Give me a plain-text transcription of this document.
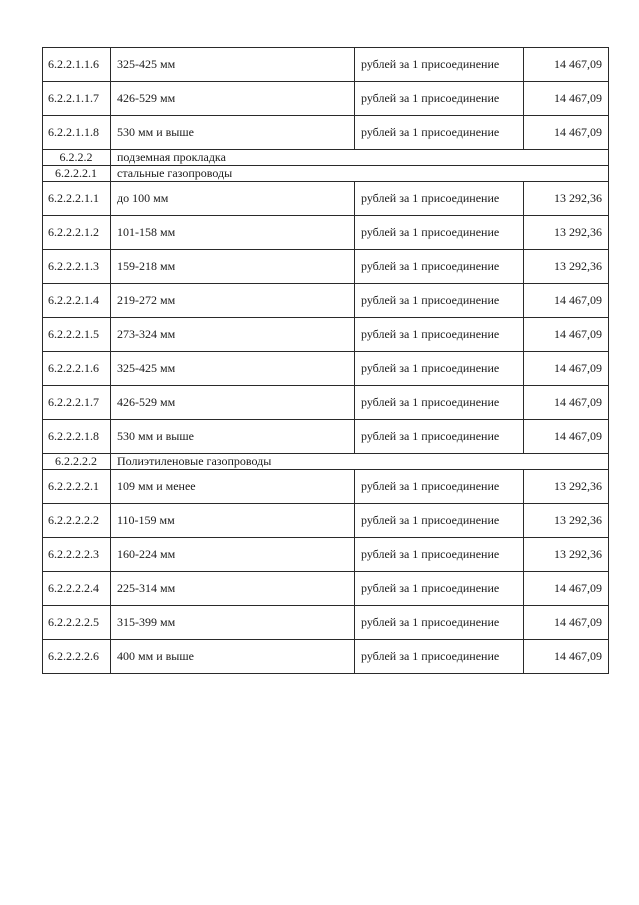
6.2.2.1.1.6	325-425 мм	рублей за 1 присоединение	14 467,09
6.2.2.1.1.7	426-529 мм	рублей за 1 присоединение	14 467,09
6.2.2.1.1.8	530 мм и выше	рублей за 1 присоединение	14 467,09
6.2.2.2	подземная прокладка		
6.2.2.2.1	стальные газопроводы		
6.2.2.2.1.1	до 100 мм	рублей за 1 присоединение	13 292,36
6.2.2.2.1.2	101-158 мм	рублей за 1 присоединение	13 292,36
6.2.2.2.1.3	159-218 мм	рублей за 1 присоединение	13 292,36
6.2.2.2.1.4	219-272 мм	рублей за 1 присоединение	14 467,09
6.2.2.2.1.5	273-324 мм	рублей за 1 присоединение	14 467,09
6.2.2.2.1.6	325-425 мм	рублей за 1 присоединение	14 467,09
6.2.2.2.1.7	426-529 мм	рублей за 1 присоединение	14 467,09
6.2.2.2.1.8	530 мм и выше	рублей за 1 присоединение	14 467,09
6.2.2.2.2	Полиэтиленовые газопроводы		
6.2.2.2.2.1	109 мм и менее	рублей за 1 присоединение	13 292,36
6.2.2.2.2.2	110-159 мм	рублей за 1 присоединение	13 292,36
6.2.2.2.2.3	160-224 мм	рублей за 1 присоединение	13 292,36
6.2.2.2.2.4	225-314 мм	рублей за 1 присоединение	14 467,09
6.2.2.2.2.5	315-399 мм	рублей за 1 присоединение	14 467,09
6.2.2.2.2.6	400 мм и выше	рублей за 1 присоединение	14 467,09
